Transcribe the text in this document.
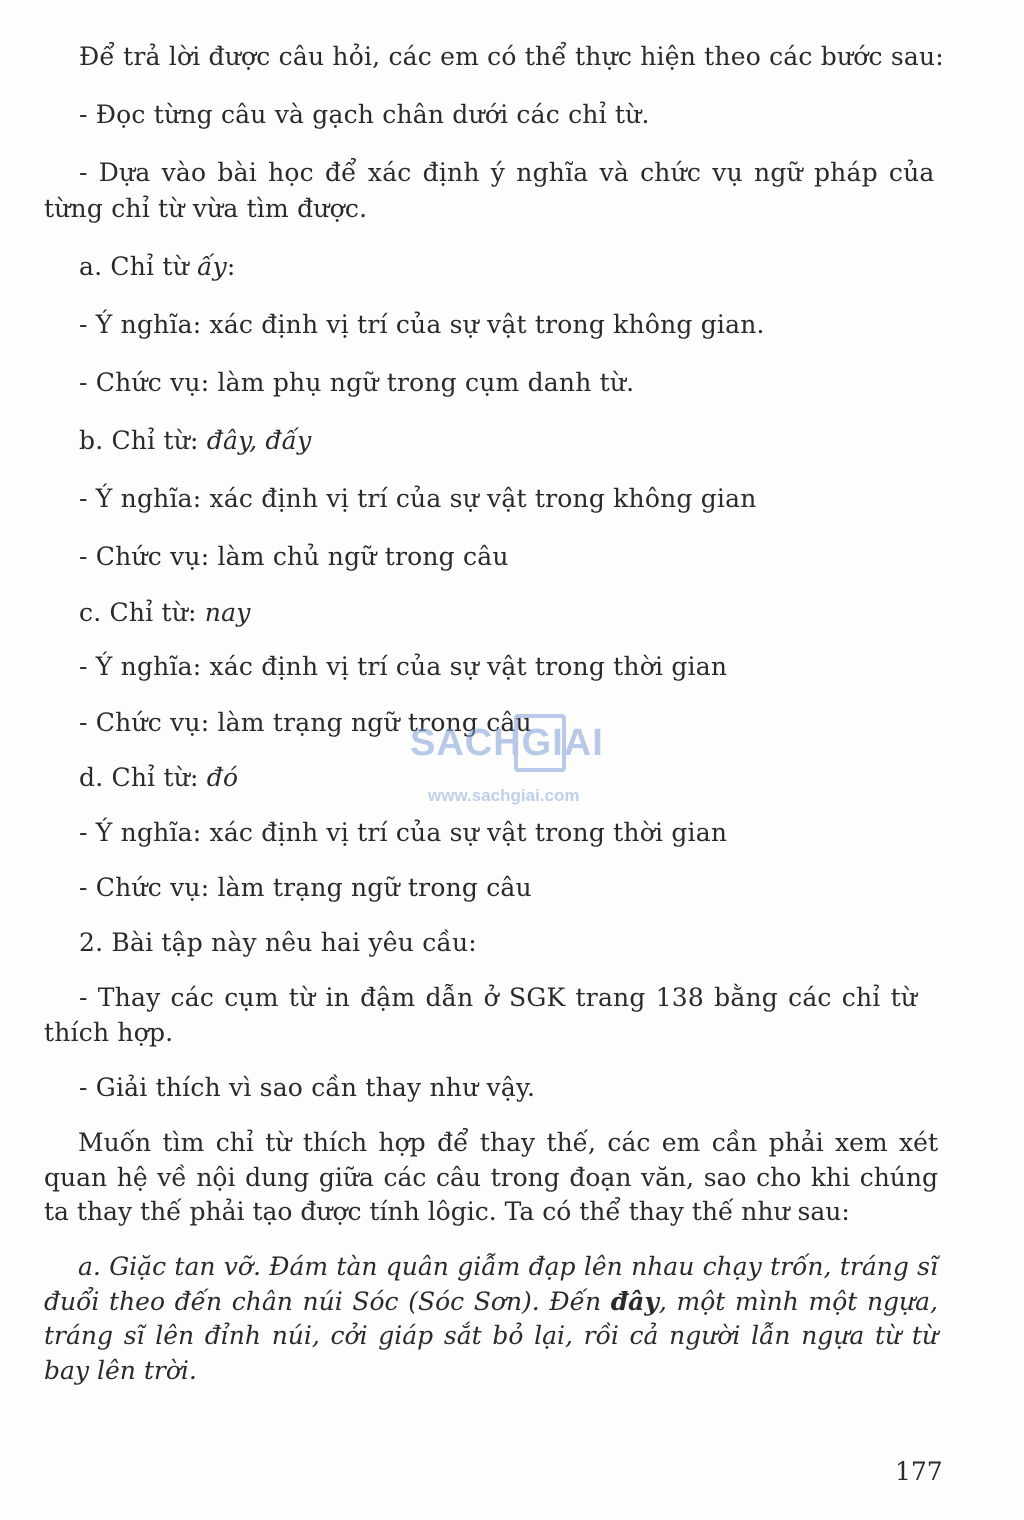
Để trả lời được câu hỏi, các em có thể thực hiện theo các bước sau:
- Đọc từng câu và gạch chân dưới các chỉ từ.
- Dựa vào bài học để xác định ý nghĩa và chức vụ ngữ pháp của
từng chỉ từ vừa tìm được.
a. Chỉ từ ấy:
- Ý nghĩa: xác định vị trí của sự vật trong không gian.
- Chức vụ: làm phụ ngữ trong cụm danh từ.
b. Chỉ từ: đây, đấy
- Ý nghĩa: xác định vị trí của sự vật trong không gian
- Chức vụ: làm chủ ngữ trong câu
c. Chỉ từ: nay
- Ý nghĩa: xác định vị trí của sự vật trong thời gian
- Chức vụ: làm trạng ngữ trong câu
d. Chỉ từ: đó
- Ý nghĩa: xác định vị trí của sự vật trong thời gian
- Chức vụ: làm trạng ngữ trong câu
2. Bài tập này nêu hai yêu cầu:
- Thay các cụm từ in đậm dẫn ở SGK trang 138 bằng các chỉ từ
thích hợp.
- Giải thích vì sao cần thay như vậy.
Muốn tìm chỉ từ thích hợp để thay thế, các em cần phải xem xét quan hệ về nội dung giữa các câu trong đoạn văn, sao cho khi chúng ta thay thế phải tạo được tính lôgic. Ta có thể thay thế như sau:
a. Giặc tan vỡ. Đám tàn quân giẫm đạp lên nhau chạy trốn, tráng sĩ đuổi theo đến chân núi Sóc (Sóc Sơn). Đến đây, một mình một ngựa, tráng sĩ lên đỉnh núi, cởi giáp sắt bỏ lại, rồi cả người lẫn ngựa từ từ bay lên trời.
SACHGIAI
www.sachgiai.com
177
